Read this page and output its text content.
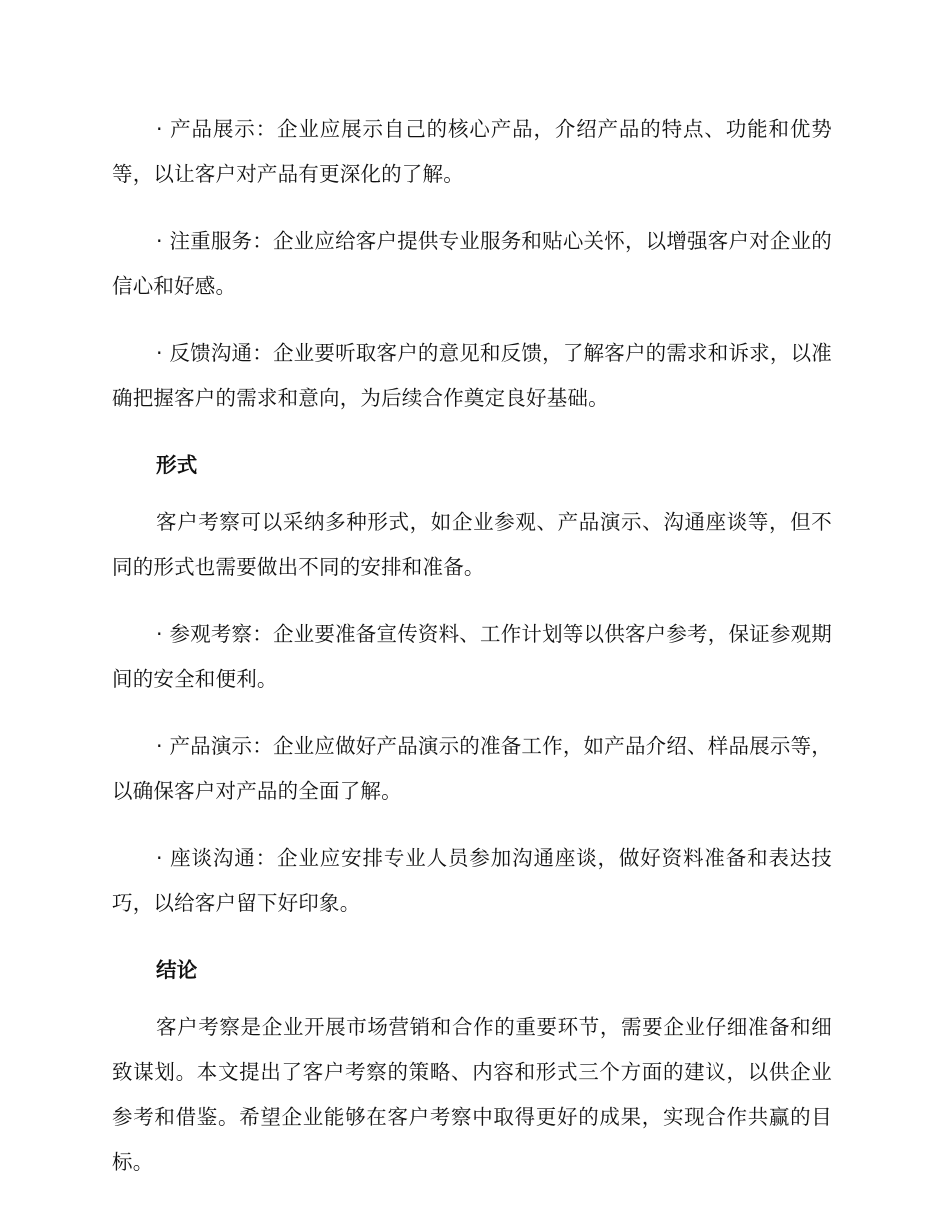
· 产品展示：企业应展示自己的核心产品，介绍产品的特点、功能和优势等，以让客户对产品有更深化的了解。

· 注重服务：企业应给客户提供专业服务和贴心关怀，以增强客户对企业的信心和好感。

· 反馈沟通：企业要听取客户的意见和反馈，了解客户的需求和诉求，以准确把握客户的需求和意向，为后续合作奠定良好基础。

形式

客户考察可以采纳多种形式，如企业参观、产品演示、沟通座谈等，但不同的形式也需要做出不同的安排和准备。

· 参观考察：企业要准备宣传资料、工作计划等以供客户参考，保证参观期间的安全和便利。

· 产品演示：企业应做好产品演示的准备工作，如产品介绍、样品展示等，以确保客户对产品的全面了解。

· 座谈沟通：企业应安排专业人员参加沟通座谈，做好资料准备和表达技巧，以给客户留下好印象。

结论

客户考察是企业开展市场营销和合作的重要环节，需要企业仔细准备和细致谋划。本文提出了客户考察的策略、内容和形式三个方面的建议，以供企业参考和借鉴。希望企业能够在客户考察中取得更好的成果，实现合作共赢的目标。
